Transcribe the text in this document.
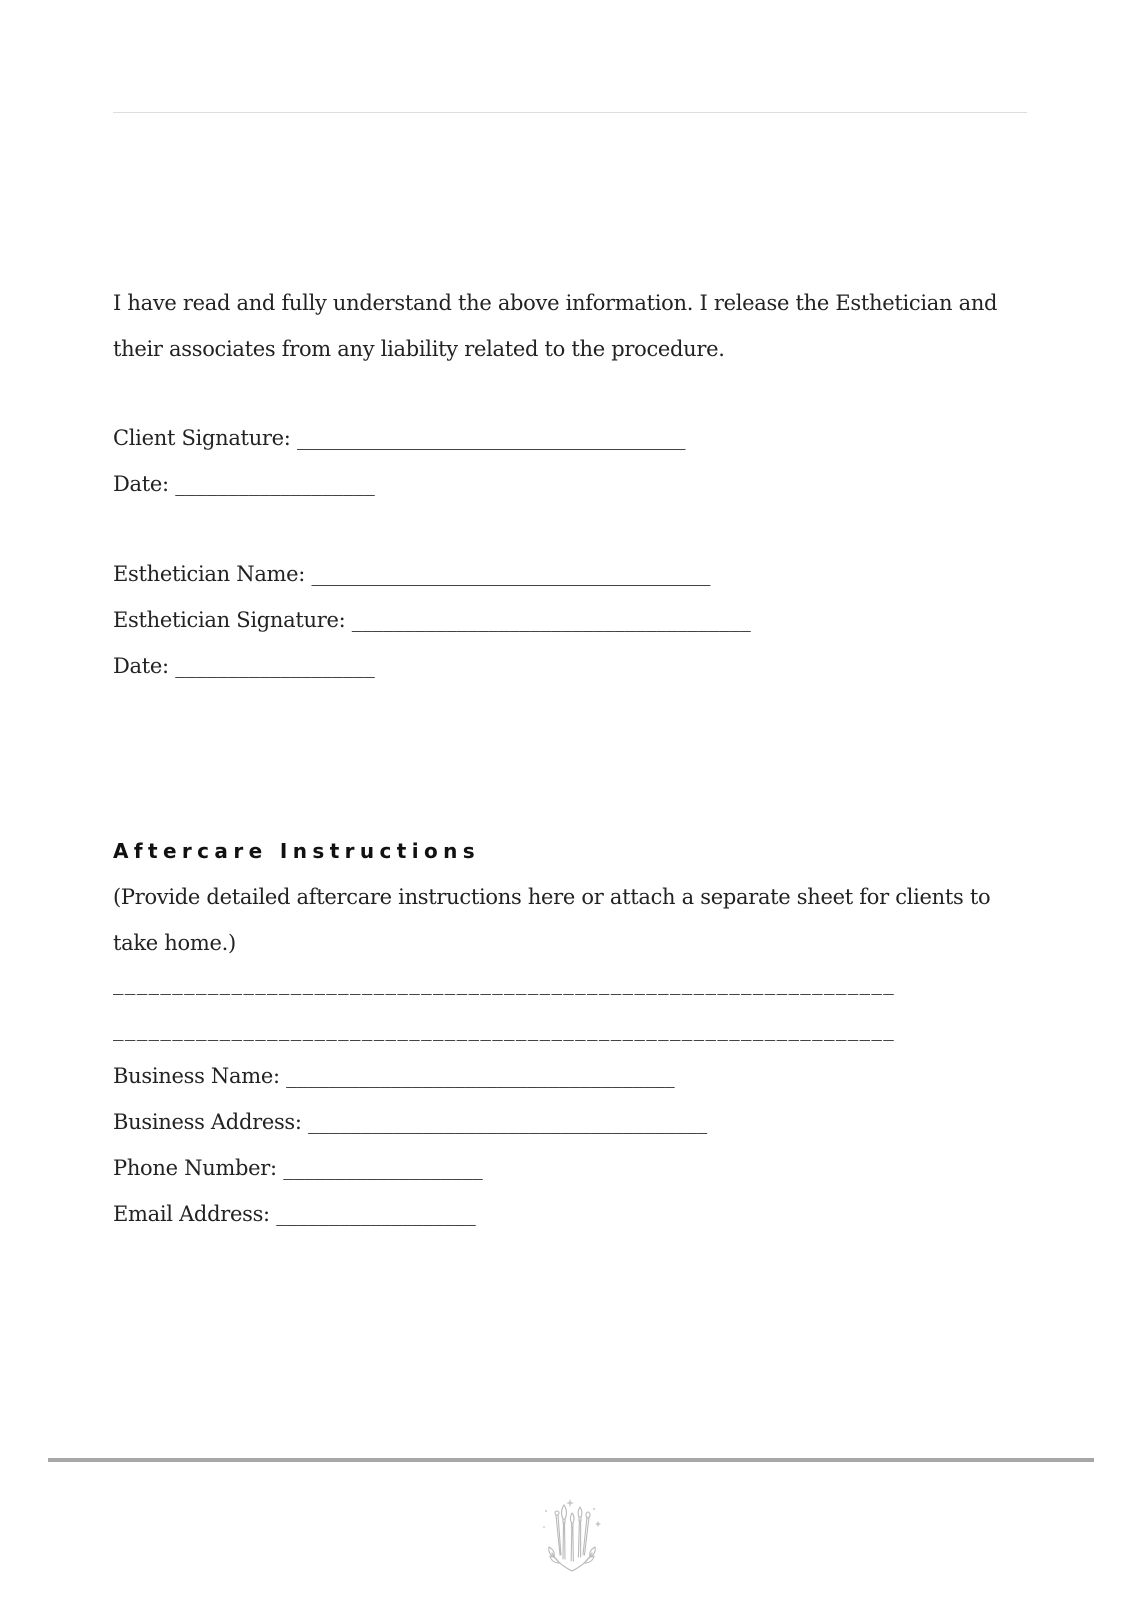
I have read and fully understand the above information. I release the Esthetician and
their associates from any liability related to the procedure.
Client Signature: _____________________________________
Date: ___________________
Esthetician Name: ______________________________________
Esthetician Signature: ______________________________________
Date: ___________________
Aftercare Instructions
(Provide detailed aftercare instructions here or attach a separate sheet for clients to
take home.)
__________________________________________________________________
__________________________________________________________________
Business Name: _____________________________________
Business Address: ______________________________________
Phone Number: ___________________
Email Address: ___________________
